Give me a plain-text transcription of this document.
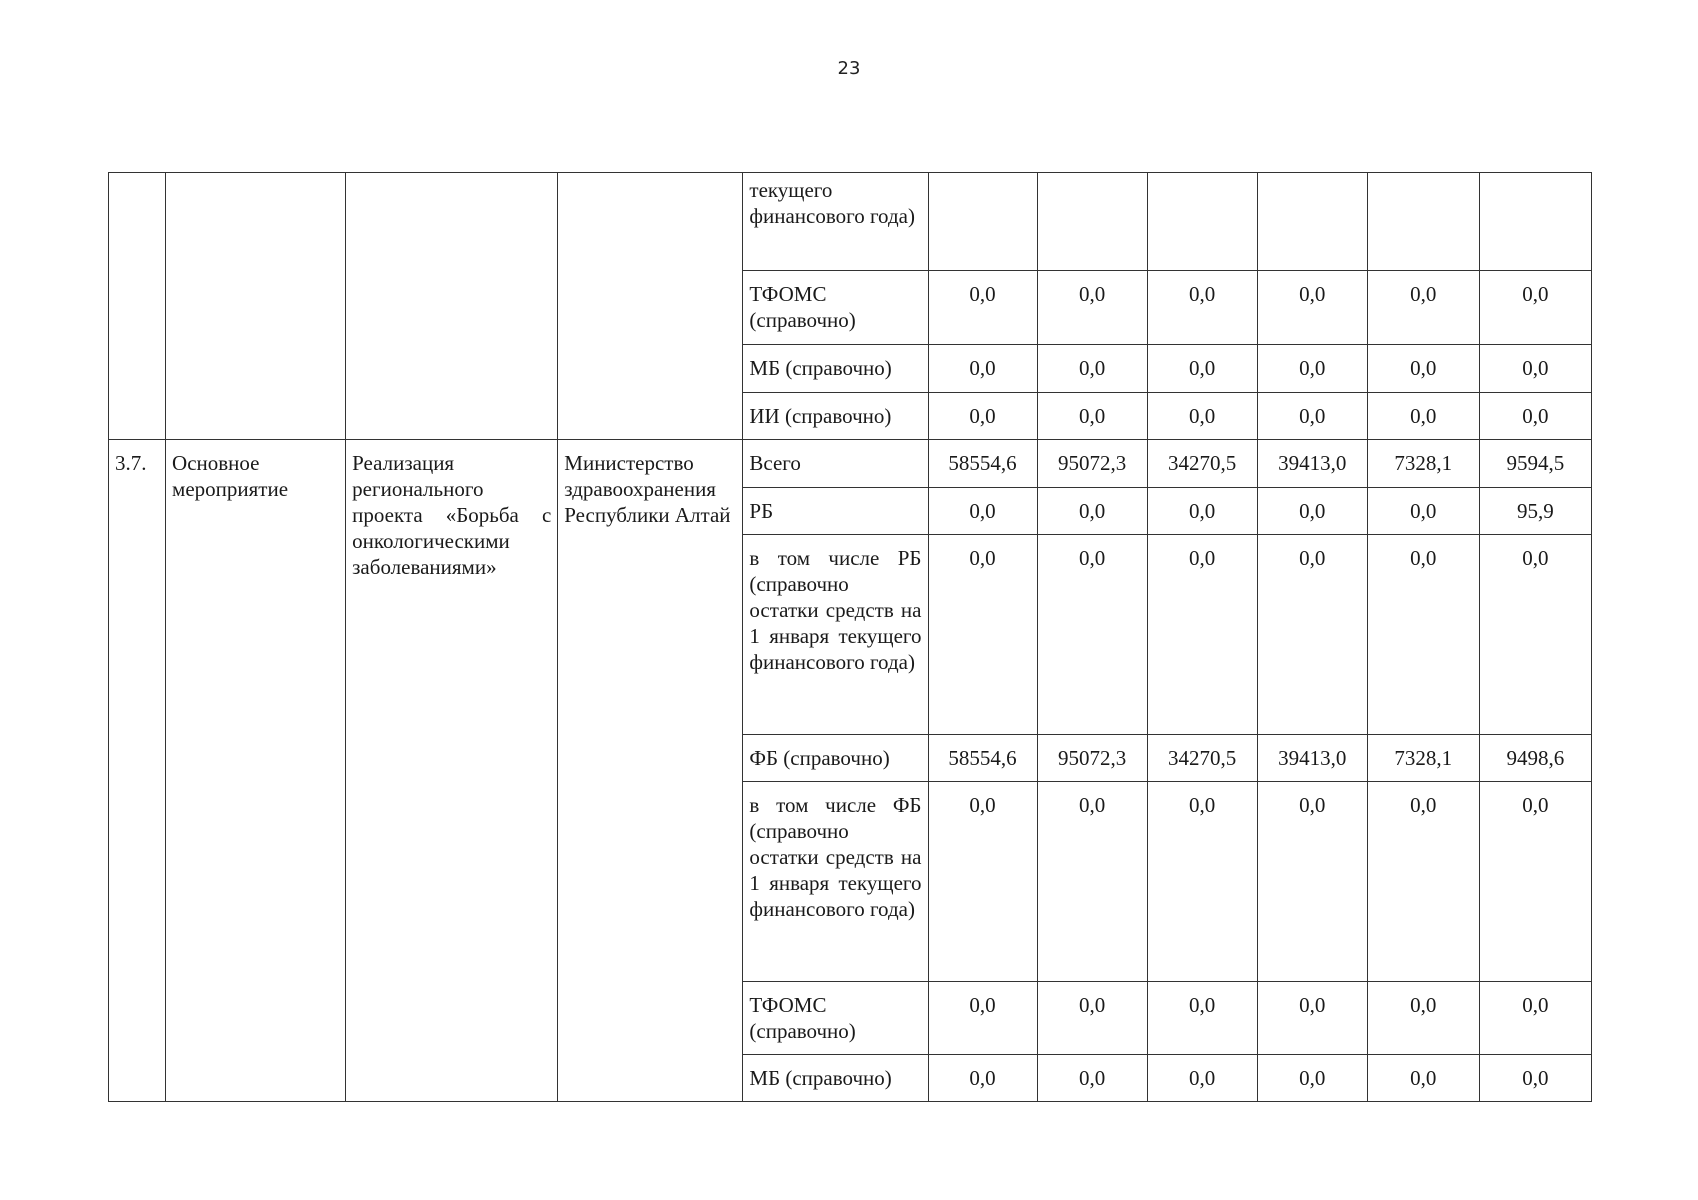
23
				текущего финансового года)						
				ТФОМС (справочно)	0,0	0,0	0,0	0,0	0,0	0,0
				МБ (справочно)	0,0	0,0	0,0	0,0	0,0	0,0
				ИИ (справочно)	0,0	0,0	0,0	0,0	0,0	0,0
3.7.	Основное мероприятие	Реализация регионального проекта «Борьба с онкологическими заболеваниями»	Министерство здравоохранения Республики Алтай	Всего	58554,6	95072,3	34270,5	39413,0	7328,1	9594,5
				РБ	0,0	0,0	0,0	0,0	0,0	95,9
				в том числе РБ (справочно остатки средств на 1 января текущего финансового года)	0,0	0,0	0,0	0,0	0,0	0,0
				ФБ (справочно)	58554,6	95072,3	34270,5	39413,0	7328,1	9498,6
				в том числе ФБ (справочно остатки средств на 1 января текущего финансового года)	0,0	0,0	0,0	0,0	0,0	0,0
				ТФОМС (справочно)	0,0	0,0	0,0	0,0	0,0	0,0
				МБ (справочно)	0,0	0,0	0,0	0,0	0,0	0,0
